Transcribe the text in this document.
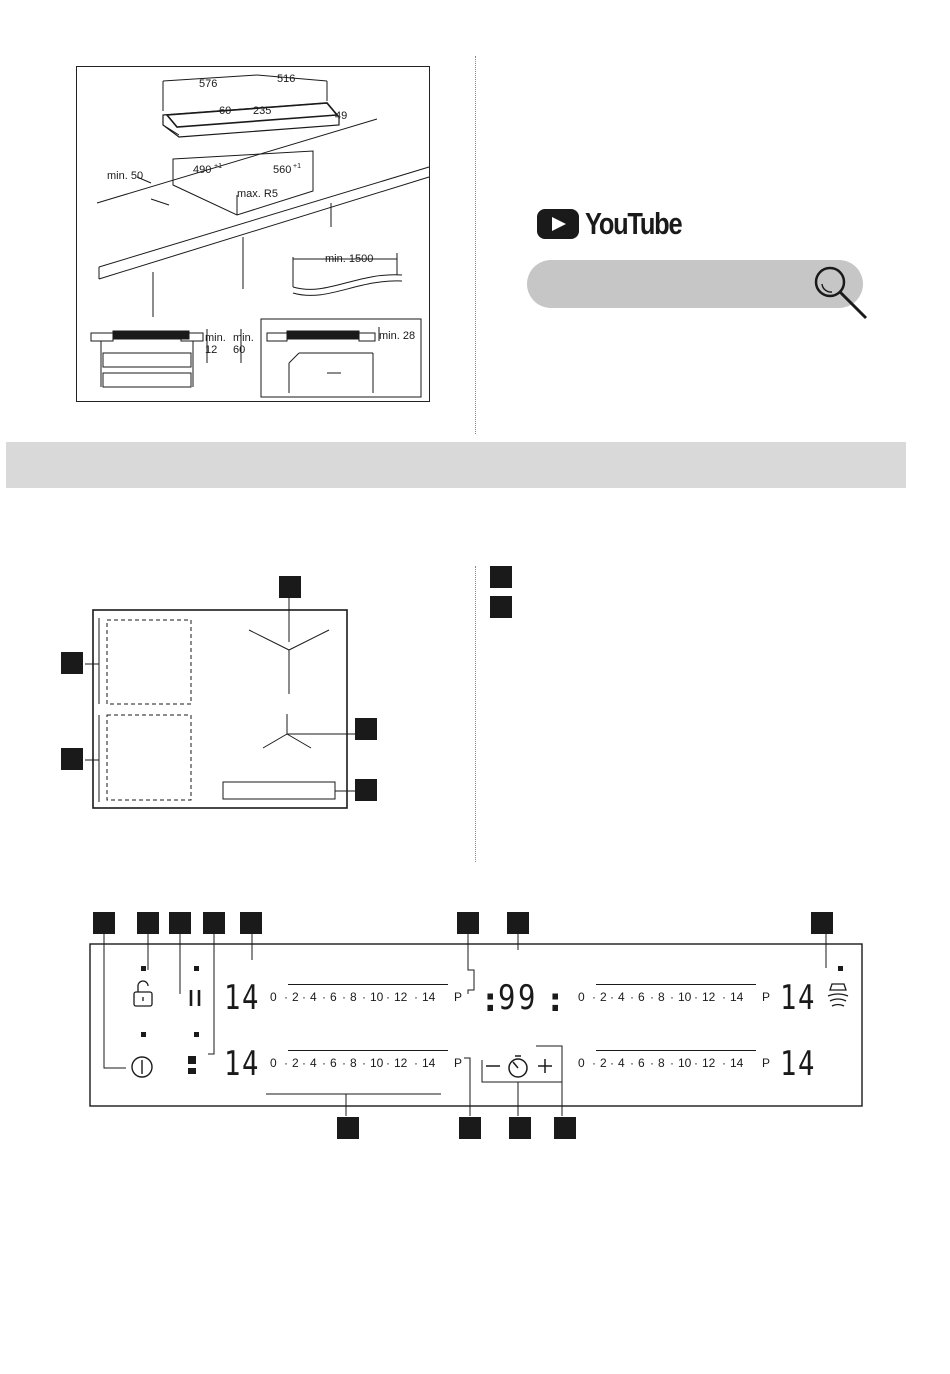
576	516
60 235	49
490 +1	560 +1
min. 50
max. R5
min. 1500
min. min.
12 60
min. 28
YouTube
14
14
14
14
:
99 :
0 2
· 4
· 6
· 8
· 10
· 12
·	14
·	P
0 2
· 4
· 6
· 8
· 10
· 12
·	14
·	P
0 2
· 4
· 6
· 8
· 10
· 12
·	14
·	P
0 2
· 4
· 6
· 8
· 10
· 12
·	14
·	P
